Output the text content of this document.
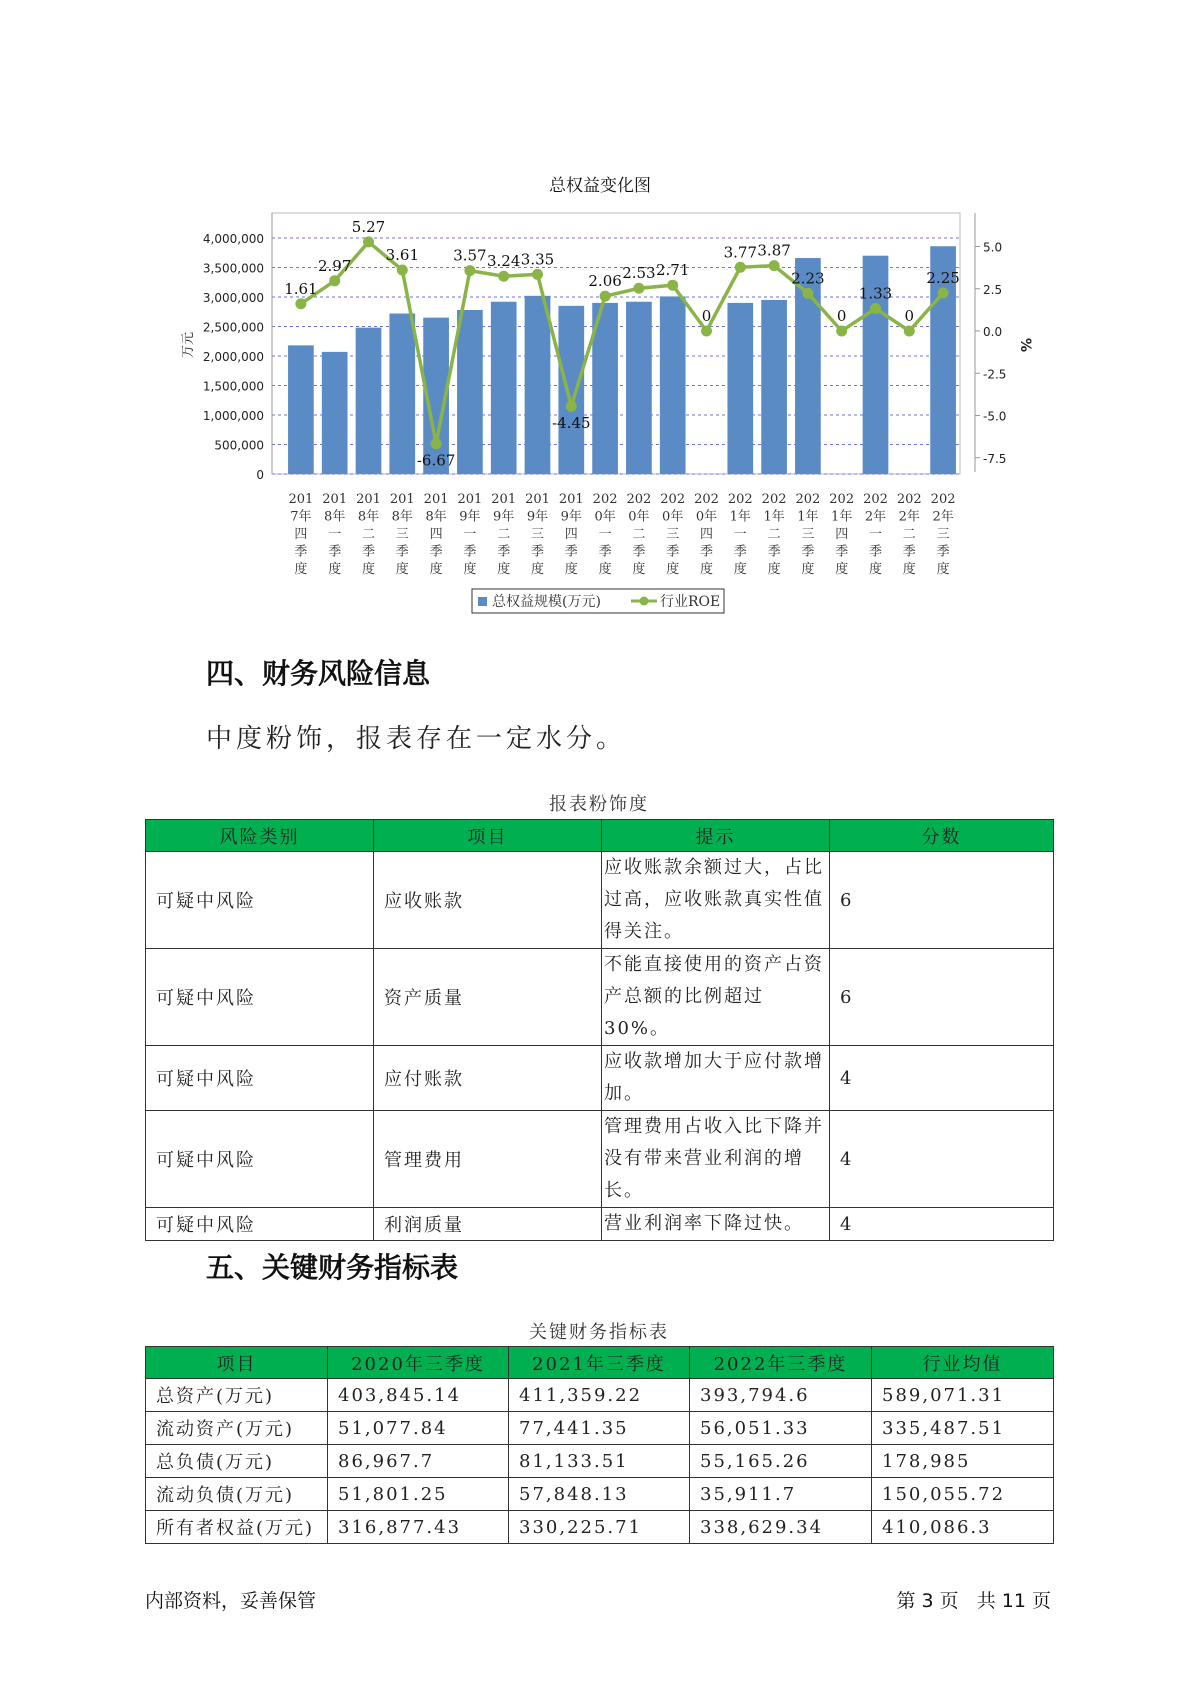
总权益变化图
0
500,000
1,000,000
1,500,000
2,000,000
2,500,000
3,000,000
3,500,000
4,000,000
-7.5
-5.0
-2.5
0.0
2.5
5.0
万元	%
1.61
2.97
5.27
3.61
-6.67
3.57 3.24 3.35
-4.45
2.06 2.53 2.71
0
3.77 3.87
2.23
0
1.33
0
2.25
201 7年四季度
201 8年一季度
201 8年二季度
201 8年三季度
201 8年四季度
201 9年一季度
201 9年二季度
201 9年三季度
201 9年四季度
202 0年一季度
202 0年二季度
202 0年三季度
202 0年四季度
202 1年一季度
202 1年二季度
202 1年三季度
202 1年四季度
202 2年一季度
202 2年二季度
202 2年三季度
总权益规模(万元)	行业ROE
四、财务风险信息

中度粉饰，报表存在一定水分。

报表粉饰度
风险类别	项目	提示	分数
可疑中风险	应收账款	应收账款余额过大，占比过高，应收账款真实性值得关注。	6
可疑中风险	资产质量	不能直接使用的资产占资产总额的比例超过30%。	6
可疑中风险	应付账款	应收款增加大于应付款增加。	4
可疑中风险	管理费用	管理费用占收入比下降并没有带来营业利润的增长。	4
可疑中风险	利润质量	营业利润率下降过快。	4
五、关键财务指标表
关键财务指标表
项目	2020年三季度	2021年三季度	2022年三季度	行业均值
总资产(万元)	403,845.14	411,359.22	393,794.6	589,071.31
流动资产(万元)	51,077.84	77,441.35	56,051.33	335,487.51
总负债(万元)	86,967.7	81,133.51	55,165.26	178,985
流动负债(万元)	51,801.25	57,848.13	35,911.7	150,055.72
所有者权益(万元)	316,877.43	330,225.71	338,629.34	410,086.3
内部资料，妥善保管	第 3 页   共 11 页
